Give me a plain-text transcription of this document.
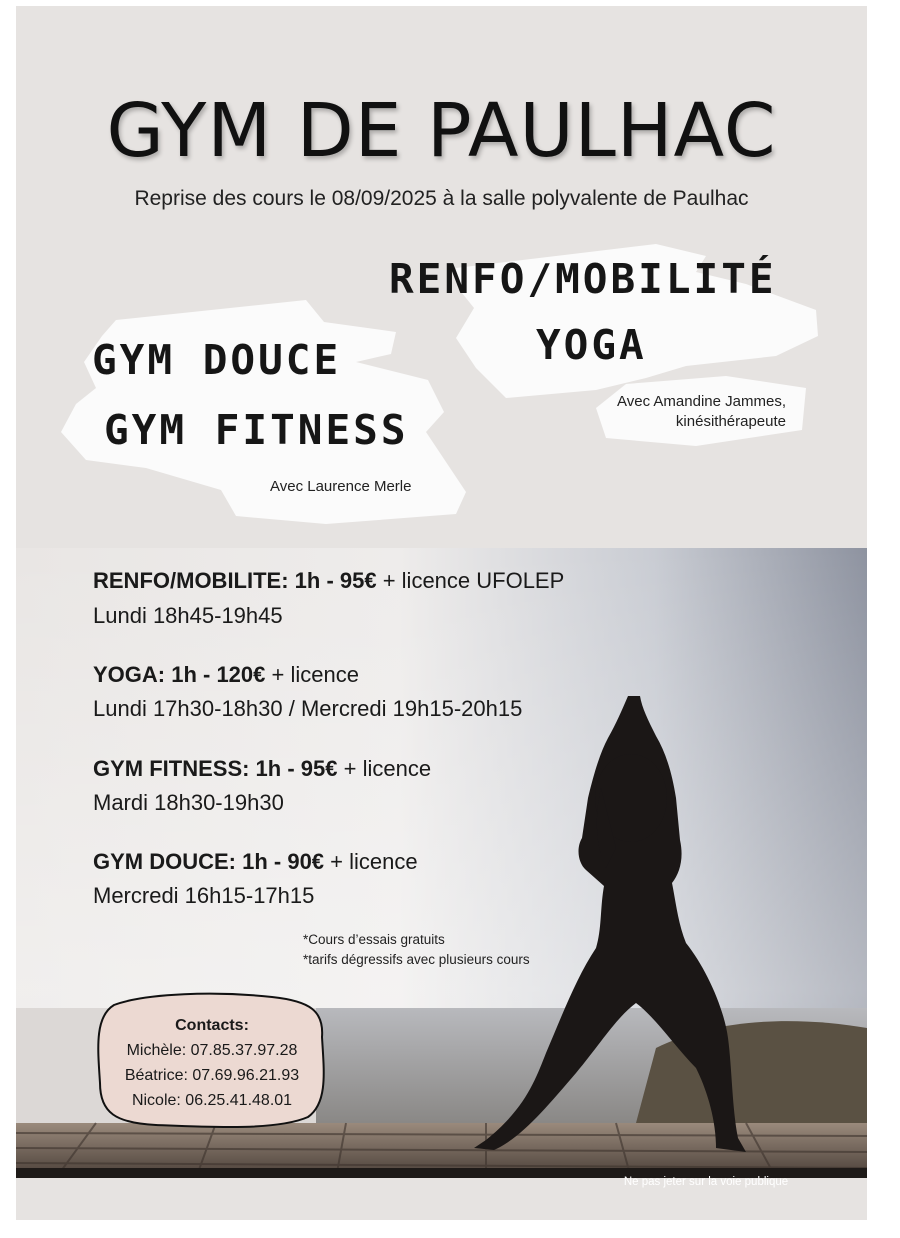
GYM DE PAULHAC
Reprise des cours le 08/09/2025 à la salle polyvalente de Paulhac
RENFO/MOBILITÉ
YOGA
GYM DOUCE
GYM FITNESS
Avec Amandine Jammes,
kinésithérapeute
Avec Laurence Merle
RENFO/MOBILITE: 1h - 95€ + licence UFOLEP
Lundi 18h45-19h45
YOGA: 1h - 120€ + licence
Lundi 17h30-18h30 / Mercredi 19h15-20h15
GYM FITNESS: 1h - 95€ + licence
Mardi 18h30-19h30
GYM DOUCE: 1h - 90€ + licence
Mercredi 16h15-17h15
*Cours d’essais gratuits
*tarifs dégressifs avec plusieurs cours
Contacts:
Michèle: 07.85.37.97.28
Béatrice: 07.69.96.21.93
Nicole: 06.25.41.48.01
Ne pas jeter sur la voie publique
